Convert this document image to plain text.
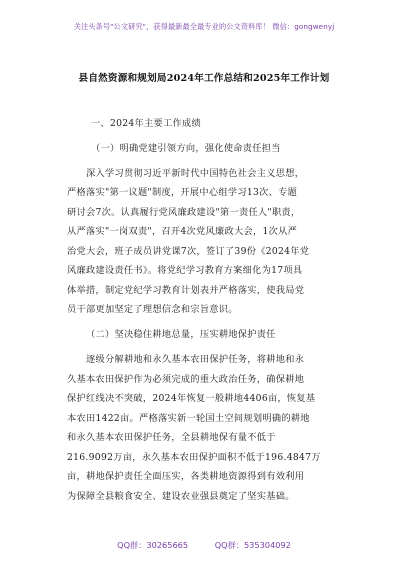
关注头条号"公文研究"，获得最新最全最专业的公文资料库！ 微信：gongwenyj
县自然资源和规划局2024年工作总结和2025年工作计划
一、2024年主要工作成绩
（一）明确党建引领方向，强化使命责任担当
深入学习贯彻习近平新时代中国特色社会主义思想，
严格落实"第一议题"制度，开展中心组学习13次、专题
研讨会7次。认真履行党风廉政建设"第一责任人"职责，
从严落实"一岗双责"，召开4次党风廉政大会，1次从严
治党大会，班子成员讲党课7次，签订了39份《2024年党
风廉政建设责任书》。将党纪学习教育方案细化为17项具
体举措，制定党纪学习教育计划表并严格落实，使我局党
员干部更加坚定了理想信念和宗旨意识。
（二）坚决稳住耕地总量，压实耕地保护责任
逐级分解耕地和永久基本农田保护任务，将耕地和永
久基本农田保护作为必须完成的重大政治任务，确保耕地
保护红线决不突破，2024年恢复一般耕地4406亩，恢复基
本农田1422亩。严格落实新一轮国土空间规划明确的耕地
和永久基本农田保护任务，全县耕地保有量不低于
216.9092万亩，永久基本农田保护面积不低于196.4847万
亩，耕地保护责任全面压实，各类耕地资源得到有效利用
为保障全县粮食安全、建设农业强县奠定了坚实基础。
QQ群：30265665	QQ群：535304092
